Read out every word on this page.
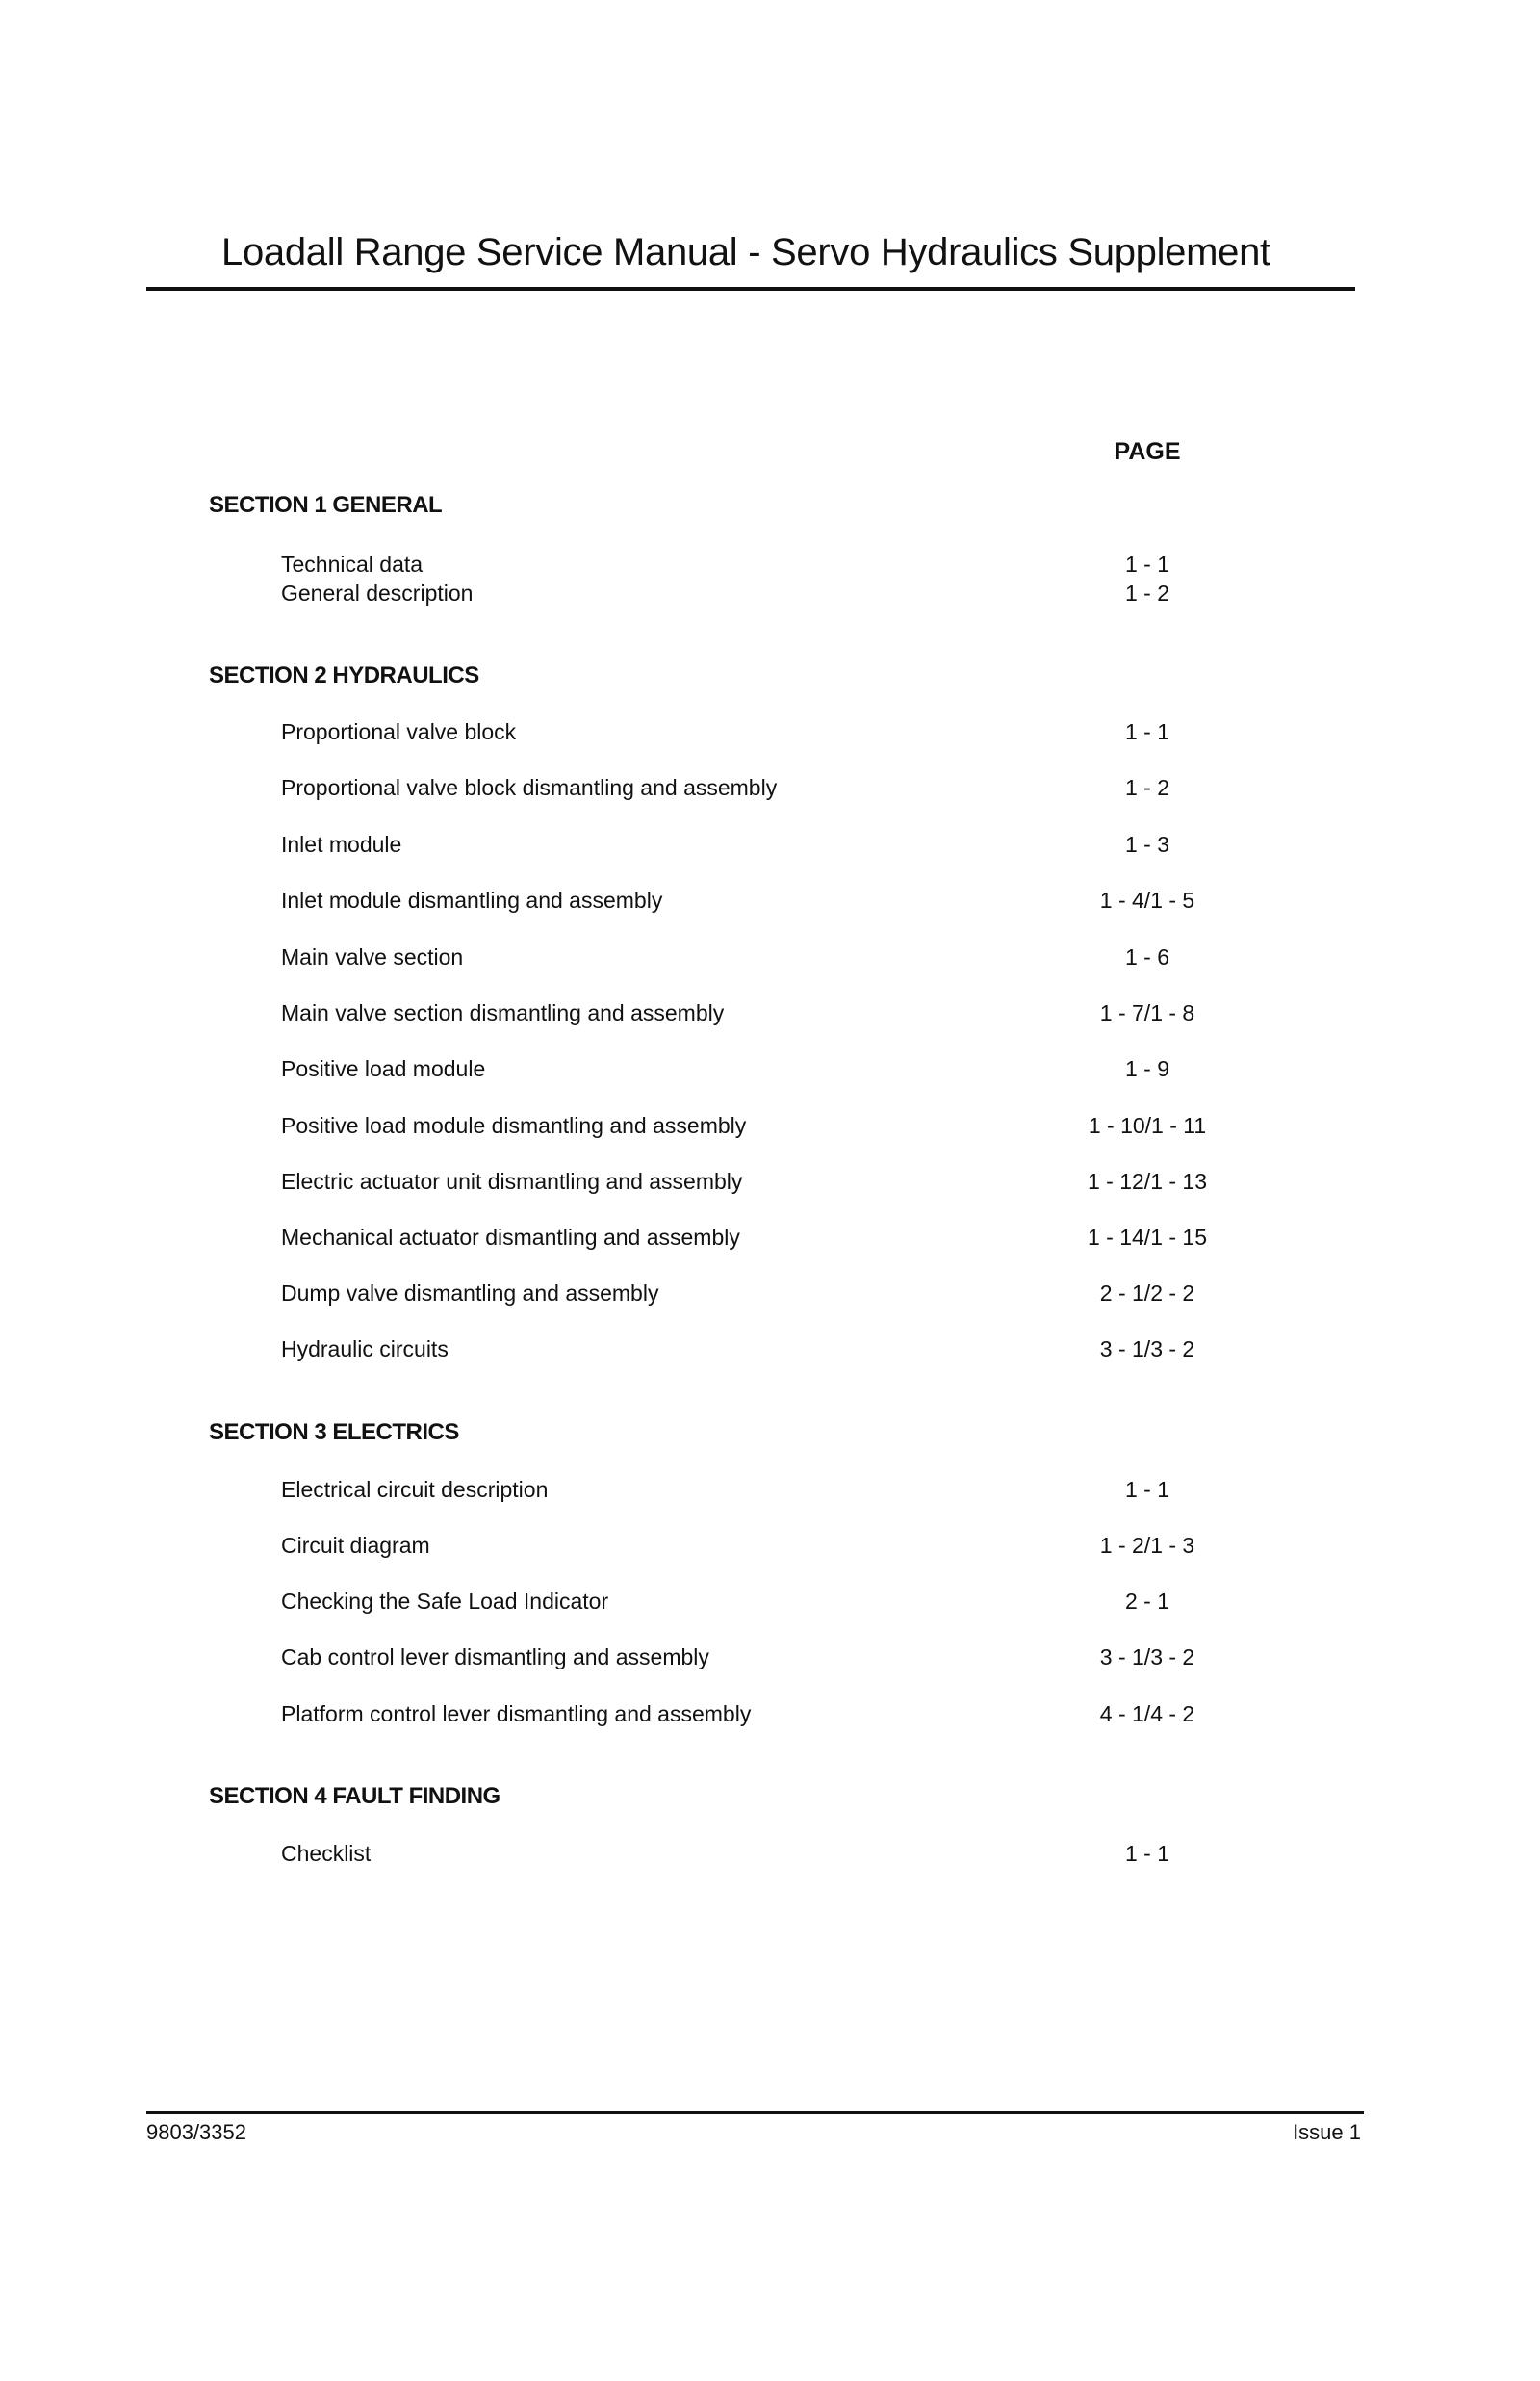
Loadall Range Service Manual - Servo Hydraulics Supplement
PAGE
SECTION 1 GENERAL
Technical data	1 - 1
General description	1 - 2
SECTION 2 HYDRAULICS
Proportional valve block	1 - 1
Proportional valve block dismantling and assembly	1 - 2
Inlet module	1 - 3
Inlet module dismantling and assembly	1 - 4/1 - 5
Main valve section	1 - 6
Main valve section dismantling and assembly	1 - 7/1 - 8
Positive load module	1 - 9
Positive load module dismantling and assembly	1 - 10/1 - 11
Electric actuator unit dismantling and assembly	1 - 12/1 - 13
Mechanical actuator dismantling and assembly	1 - 14/1 - 15
Dump valve dismantling and assembly	2 - 1/2 - 2
Hydraulic circuits	3 - 1/3 - 2
SECTION 3 ELECTRICS
Electrical circuit description	1 - 1
Circuit diagram	1 - 2/1 - 3
Checking the Safe Load Indicator	2 - 1
Cab control lever dismantling and assembly	3 - 1/3 - 2
Platform control lever dismantling and assembly	4 - 1/4 - 2
SECTION 4 FAULT FINDING
Checklist	1 - 1
9803/3352	Issue 1
